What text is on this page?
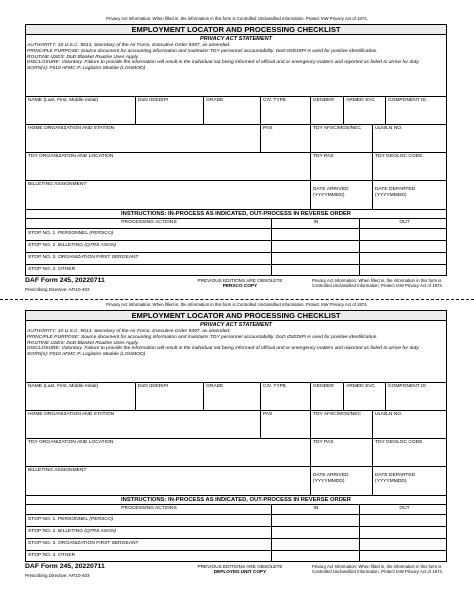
Privacy Act Information: When filled in, the information in this form is Controlled Unclassified Information. Protect IAW Privacy Act of 1974.
EMPLOYMENT LOCATOR AND PROCESSING CHECKLIST
PRIVACY ACT STATEMENT
AUTHORITY: 10 U.S.C. 9013, Secretary of the Air Force, Executive Order 9397, as amended.
PRINCIPLE PURPOSE: Source document for accounting information and maintains TDY personnel accountability. DoD ID/EDIPI is used for positive identification.
ROUTINE USES: DoD Blanket Routine Uses Apply.
DISCLOSURE: Voluntary. Failure to provide the information will result in the individual not being informed of official and or emergency matters and reported as failed to arrive for duty.
SORN(s): F010 AFMC P, Logistics Module (LOGMOD)
NAME (Last, First, Middle Initial)	DoD ID/EDIPI	GRADE	CIV. TYPE	GENDER	ARMED SVC	COMPONENT ID
HOME ORGANIZATION AND STATION	PAS	TDY AFSC/MOS/NEC	ULN/LN NO.
TDY ORGANIZATION AND LOCATION	TDY PAS	TDY GEOLOC CODE
BILLETING ASSIGNMENT
DATE ARRIVED
(YYYYMMDD)
DATE DEPARTED
(YYYYMMDD)
INSTRUCTIONS: IN-PROCESS AS INDICATED, OUT-PROCESS IN REVERSE ORDER
PROCESSING ACTIONS	IN	OUT
STOP NO. 1. PERSONNEL (PERSCO)
STOP NO. 2. BILLETING (Q7RS ASGN)
STOP NO. 3. ORGANIZATION FIRST SERGEANT
STOP NO. 4. OTHER
DAF Form 245, 20220711
Prescribing Directive: AFI10-403
PREVIOUS EDITIONS ARE OBSOLETE
PERSCO COPY
Privacy Act Information: When filled in, the information in this form is Controlled Unclassified Information. Protect IAW Privacy Act of 1974.
Privacy Act Information: When filled in, the information in this form is Controlled Unclassified Information. Protect IAW Privacy Act of 1974.
EMPLOYMENT LOCATOR AND PROCESSING CHECKLIST
PRIVACY ACT STATEMENT
AUTHORITY: 10 U.S.C. 9013, Secretary of the Air Force, Executive Order 9397, as amended.
PRINCIPLE PURPOSE: Source document for accounting information and maintains TDY personnel accountability. DoD ID/EDIPI is used for positive identification.
ROUTINE USES: DoD Blanket Routine Uses Apply.
DISCLOSURE: Voluntary. Failure to provide the information will result in the individual not being informed of official and or emergency matters and reported as failed to arrive for duty.
SORN(s): F010 AFMC P, Logistics Module (LOGMOD)
NAME (Last, First, Middle Initial)	DoD ID/EDIPI	GRADE	CIV. TYPE	GENDER	ARMED SVC	COMPONENT ID
HOME ORGANIZATION AND STATION	PAS	TDY AFSC/MOS/NEC	ULN/LN NO.
TDY ORGANIZATION AND LOCATION	TDY PAS	TDY GEOLOC CODE
BILLETING ASSIGNMENT
DATE ARRIVED
(YYYYMMDD)
DATE DEPARTED
(YYYYMMDD)
INSTRUCTIONS: IN-PROCESS AS INDICATED, OUT-PROCESS IN REVERSE ORDER
PROCESSING ACTIONS	IN	OUT
STOP NO. 1. PERSONNEL (PERSCO)
STOP NO. 2. BILLETING (Q7RS ASGN)
STOP NO. 3. ORGANIZATION FIRST SERGEANT
STOP NO. 4. OTHER
DAF Form 245, 20220711
Prescribing Directive: AFI10-403
PREVIOUS EDITIONS ARE OBSOLETE
DEPLOYED UNIT COPY
Privacy Act Information: When filled in, the information in this form is Controlled Unclassified Information. Protect IAW Privacy Act of 1974.
